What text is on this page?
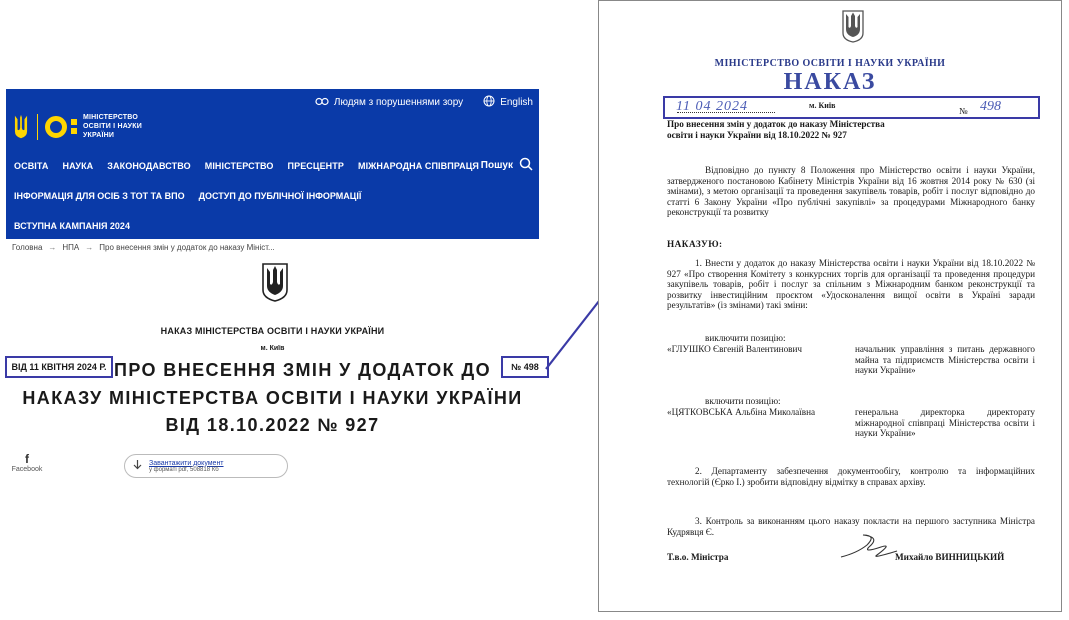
Людям з порушеннями зору	English
МІНІСТЕРСТВО ОСВІТИ І НАУКИ УКРАЇНИ
ОСВІТА НАУКА ЗАКОНОДАВСТВО МІНІСТЕРСТВО ПРЕСЦЕНТР МІЖНАРОДНА СПІВПРАЦЯ Пошук
ІНФОРМАЦІЯ ДЛЯ ОСІБ З ТОТ ТА ВПО ДОСТУП ДО ПУБЛІЧНОЇ ІНФОРМАЦІЇ
ВСТУПНА КАМПАНІЯ 2024
Головна → НПА → Про внесення змін у додаток до наказу Мініст...
НАКАЗ МІНІСТЕРСТВА ОСВІТИ І НАУКИ УКРАЇНИ
м. Київ
ВІД 11 КВІТНЯ 2024 Р. ПРО ВНЕСЕННЯ ЗМІН У ДОДАТОК ДО	№ 498
НАКАЗУ МІНІСТЕРСТВА ОСВІТИ І НАУКИ УКРАЇНИ
ВІД 18.10.2022 № 927
f
Facebook
Завантажити документ
у форматі pdf, 508818 Кб
МІНІСТЕРСТВО ОСВІТИ І НАУКИ УКРАЇНИ
НАКАЗ
11 04 2024	м. Київ
№ 498

Про внесення змін у додаток до наказу Міністерства освіти і науки України від 18.10.2022 № 927

Відповідно до пункту 8 Положення про Міністерство освіти і науки України, затвердженого постановою Кабінету Міністрів України від 16 жовтня 2014 року № 630 (зі змінами), з метою організації та проведення закупівель товарів, робіт і послуг відповідно до статті 6 Закону України «Про публічні закупівлі» за процедурами Міжнародного банку реконструкції та розвитку

НАКАЗУЮ:

1. Внести у додаток до наказу Міністерства освіти і науки України від 18.10.2022 № 927 «Про створення Комітету з конкурсних торгів для організації та проведення процедури закупівель товарів, робіт і послуг за спільним з Міжнародним банком реконструкції та розвитку інвестиційним проєктом «Удосконалення вищої освіти в Україні заради результатів» (із змінами) такі зміни:

виключити позицію:

«ГЛУШКО Євгеній Валентинович	начальник управління з питань державного майна та підприємств Міністерства освіти і науки України»

включити позицію:

«ЦЯТКОВСЬКА Альбіна Миколаївна	генеральна директорка директорату міжнародної співпраці Міністерства освіти і науки України»

2. Департаменту забезпечення документообігу, контролю та інформаційних технологій (Єрко І.) зробити відповідну відмітку в справах архіву.

3. Контроль за виконанням цього наказу покласти на першого заступника Міністра Кудрявця Є.

Т.в.о. Міністра	Михайло ВИННИЦЬКИЙ
